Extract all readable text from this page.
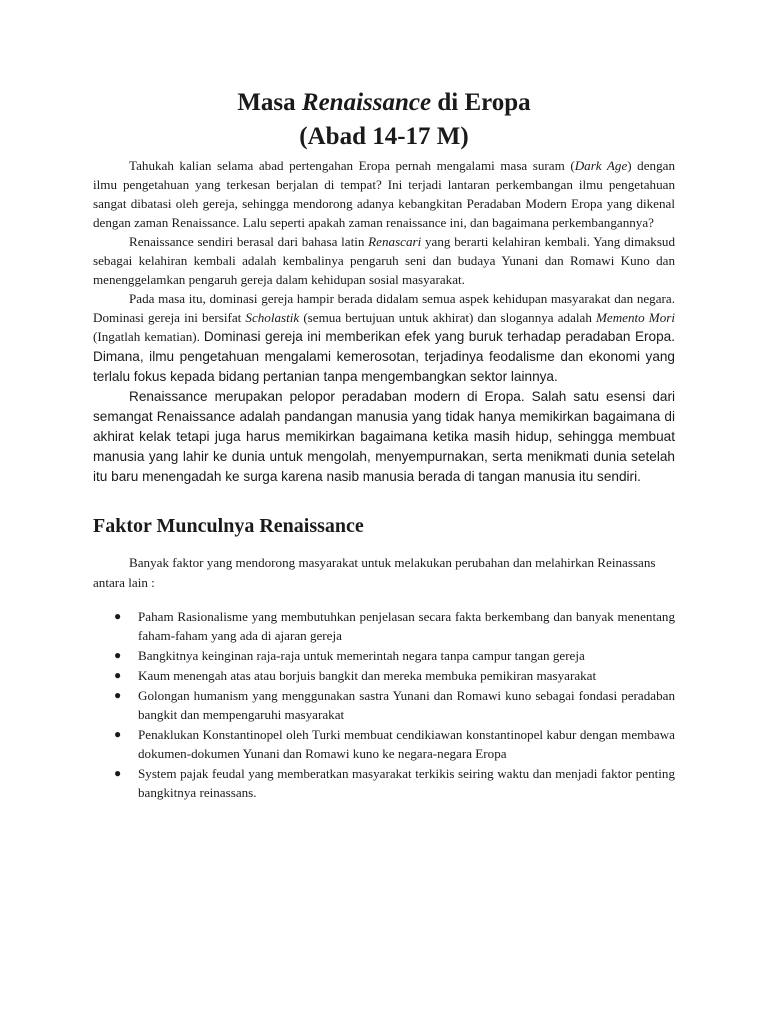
Masa Renaissance di Eropa
(Abad 14-17 M)

Tahukah kalian selama abad pertengahan Eropa pernah mengalami masa suram (Dark Age) dengan ilmu pengetahuan yang terkesan berjalan di tempat? Ini terjadi lantaran perkembangan ilmu pengetahuan sangat dibatasi oleh gereja, sehingga mendorong adanya kebangkitan Peradaban Modern Eropa yang dikenal dengan zaman Renaissance. Lalu seperti apakah zaman renaissance ini, dan bagaimana perkembangannya?

Renaissance sendiri berasal dari bahasa latin Renascari yang berarti kelahiran kembali. Yang dimaksud sebagai kelahiran kembali adalah kembalinya pengaruh seni dan budaya Yunani dan Romawi Kuno dan menenggelamkan pengaruh gereja dalam kehidupan sosial masyarakat.

Pada masa itu, dominasi gereja hampir berada didalam semua aspek kehidupan masyarakat dan negara. Dominasi gereja ini bersifat Scholastik (semua bertujuan untuk akhirat) dan slogannya adalah Memento Mori (Ingatlah kematian). Dominasi gereja ini memberikan efek yang buruk terhadap peradaban Eropa. Dimana, ilmu pengetahuan mengalami kemerosotan, terjadinya feodalisme dan ekonomi yang terlalu fokus kepada bidang pertanian tanpa mengembangkan sektor lainnya.

Renaissance merupakan pelopor peradaban modern di Eropa. Salah satu esensi dari semangat Renaissance adalah pandangan manusia yang tidak hanya memikirkan bagaimana di akhirat kelak tetapi juga harus memikirkan bagaimana ketika masih hidup, sehingga membuat manusia yang lahir ke dunia untuk mengolah, menyempurnakan, serta menikmati dunia setelah itu baru menengadah ke surga karena nasib manusia berada di tangan manusia itu sendiri.

Faktor Munculnya Renaissance

Banyak faktor yang mendorong masyarakat untuk melakukan perubahan dan melahirkan Reinassans antara lain :

● Paham Rasionalisme yang membutuhkan penjelasan secara fakta berkembang dan banyak menentang faham-faham yang ada di ajaran gereja
● Bangkitnya keinginan raja-raja untuk memerintah negara tanpa campur tangan gereja
● Kaum menengah atas atau borjuis bangkit dan mereka membuka pemikiran masyarakat
● Golongan humanism yang menggunakan sastra Yunani dan Romawi kuno sebagai fondasi peradaban bangkit dan mempengaruhi masyarakat
● Penaklukan Konstantinopel oleh Turki membuat cendikiawan konstantinopel kabur dengan membawa dokumen-dokumen Yunani dan Romawi kuno ke negara-negara Eropa
● System pajak feudal yang memberatkan masyarakat terkikis seiring waktu dan menjadi faktor penting bangkitnya reinassans.
